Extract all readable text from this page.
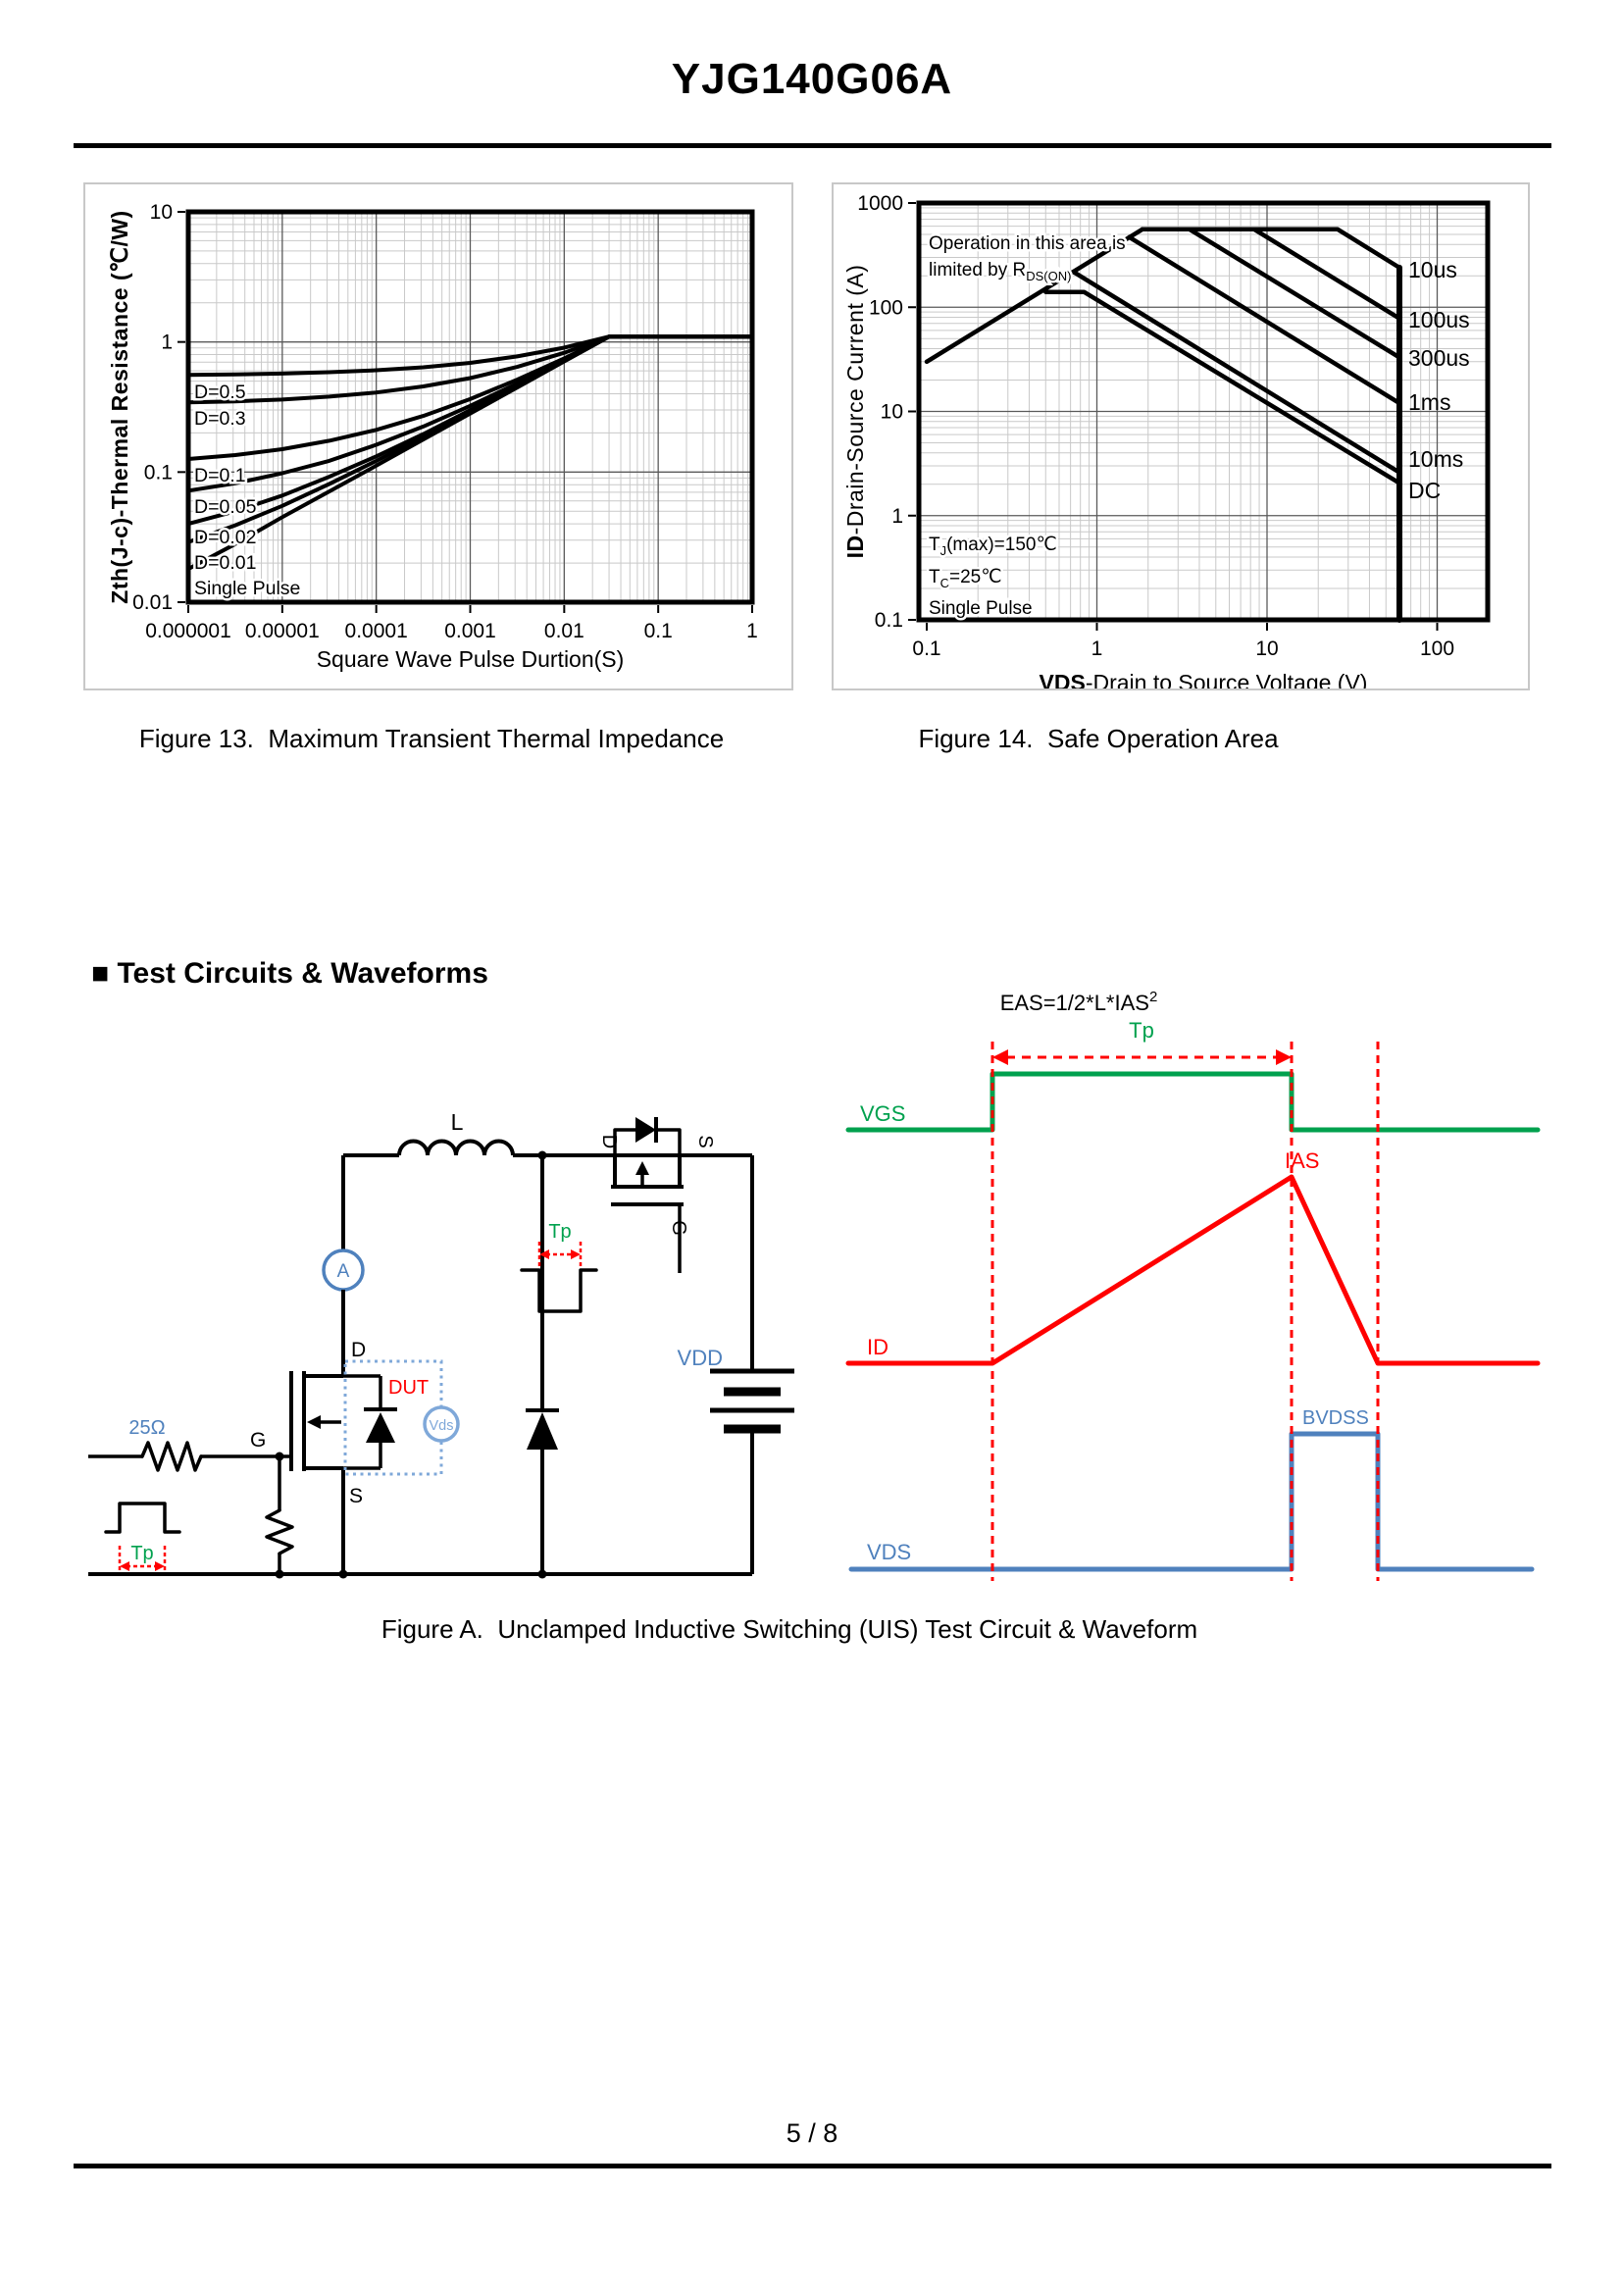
YJG140G06A
0.000001 0.00001 0.0001 0.001 0.01	0.1	1
0.01
0.1
1
10
D=0.5
D=0.3
D=0.1
D=0.05
D=0.02
D=0.01
Single Pulse
Square Wave Pulse Durtion(S)
Zth(J-c)-Thermal Resistance (℃/W)
0.1	1	10	100
0.1
1
10
100
1000
10us
100us
300us
1ms
10ms
DC
VDS-Drain to Source Voltage (V)
ID-Drain-Source Current (A)
Operation in this area is
limited by $R_{DS(ON)}$
$T_J(\max)=150℃$
$T_C=25℃$
Single Pulse
Figure 13.  Maximum Transient Thermal Impedance	Figure 14.  Safe Operation Area
■ Test Circuits & Waveforms
L
A
D
S
G
25Ω
Tp
DUT
Vds
D	S
G
Tp
VDD
$EAS=1/2*L*IAS^2$
Tp
VGS
IAS
ID
BVDSS
VDS
Figure A.  Unclamped Inductive Switching (UIS) Test Circuit & Waveform
5 / 8
